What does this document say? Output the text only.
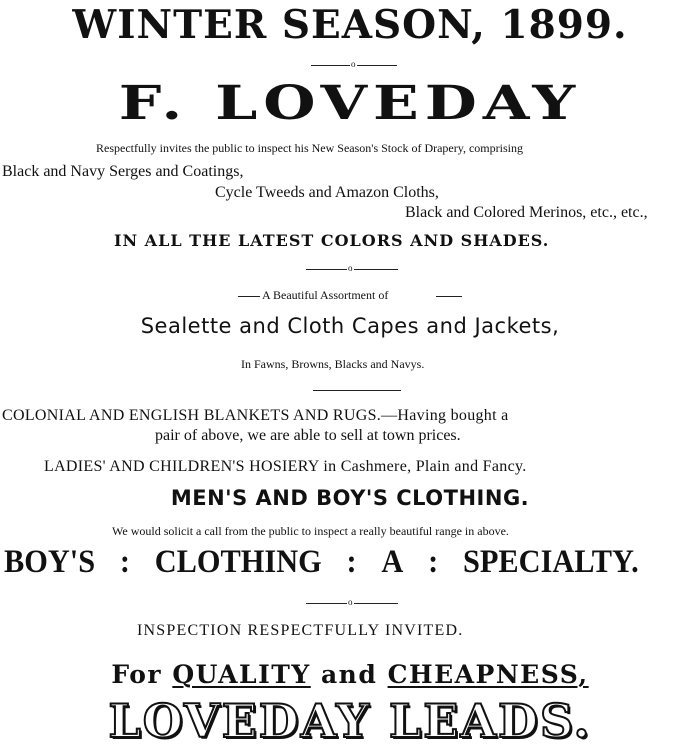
WINTER SEASON, 1899.
o
F. LOVEDAY
Respectfully invites the public to inspect his New Season's Stock of Drapery, comprising
Black and Navy Serges and Coatings,
Cycle Tweeds and Amazon Cloths,
Black and Colored Merinos, etc., etc.,
IN ALL THE LATEST COLORS AND SHADES.
o
A Beautiful Assortment of
Sealette and Cloth Capes and Jackets,
In Fawns, Browns, Blacks and Navys.
COLONIAL AND ENGLISH BLANKETS AND RUGS.—Having bought a
pair of above, we are able to sell at town prices.
LADIES' AND CHILDREN'S HOSIERY in Cashmere, Plain and Fancy.
MEN'S AND BOY'S CLOTHING.
We would solicit a call from the public to inspect a really beautiful range in above.
BOY'S : CLOTHING : A : SPECIALTY.
o
INSPECTION RESPECTFULLY INVITED.
For QUALITY and CHEAPNESS,
LOVEDAY LEADS.
